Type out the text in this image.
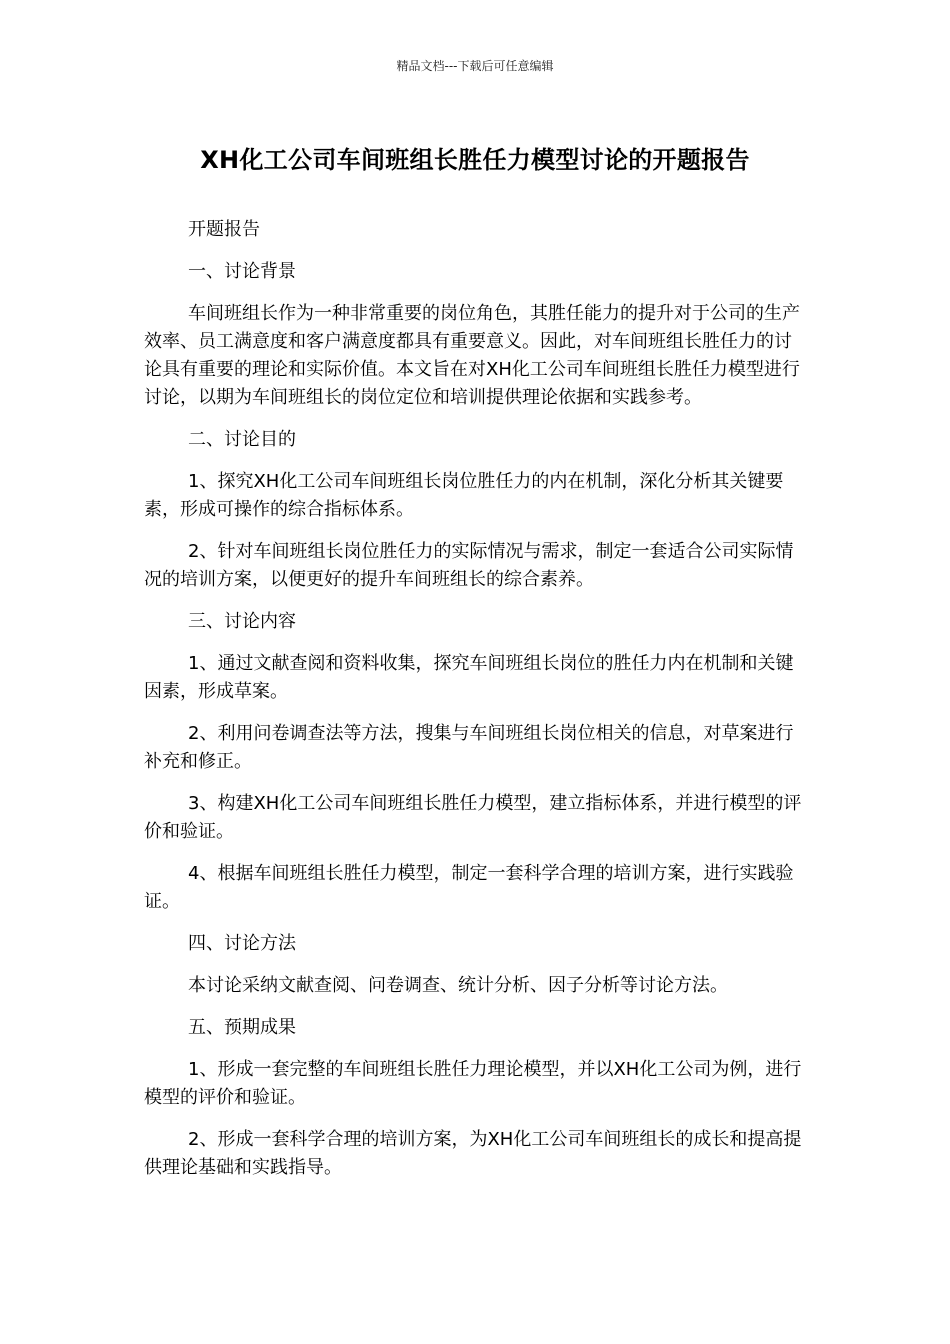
精品文档---下载后可任意编辑
XH化工公司车间班组长胜任力模型讨论的开题报告

开题报告

一、讨论背景

车间班组长作为一种非常重要的岗位角色，其胜任能力的提升对于公司的生产效率、员工满意度和客户满意度都具有重要意义。因此，对车间班组长胜任力的讨论具有重要的理论和实际价值。本文旨在对XH化工公司车间班组长胜任力模型进行讨论，以期为车间班组长的岗位定位和培训提供理论依据和实践参考。

二、讨论目的

1、探究XH化工公司车间班组长岗位胜任力的内在机制，深化分析其关键要素，形成可操作的综合指标体系。

2、针对车间班组长岗位胜任力的实际情况与需求，制定一套适合公司实际情况的培训方案，以便更好的提升车间班组长的综合素养。

三、讨论内容

1、通过文献查阅和资料收集，探究车间班组长岗位的胜任力内在机制和关键因素，形成草案。

2、利用问卷调查法等方法，搜集与车间班组长岗位相关的信息，对草案进行补充和修正。

3、构建XH化工公司车间班组长胜任力模型，建立指标体系，并进行模型的评价和验证。

4、根据车间班组长胜任力模型，制定一套科学合理的培训方案，进行实践验证。

四、讨论方法

本讨论采纳文献查阅、问卷调查、统计分析、因子分析等讨论方法。

五、预期成果

1、形成一套完整的车间班组长胜任力理论模型，并以XH化工公司为例，进行模型的评价和验证。

2、形成一套科学合理的培训方案，为XH化工公司车间班组长的成长和提高提供理论基础和实践指导。
